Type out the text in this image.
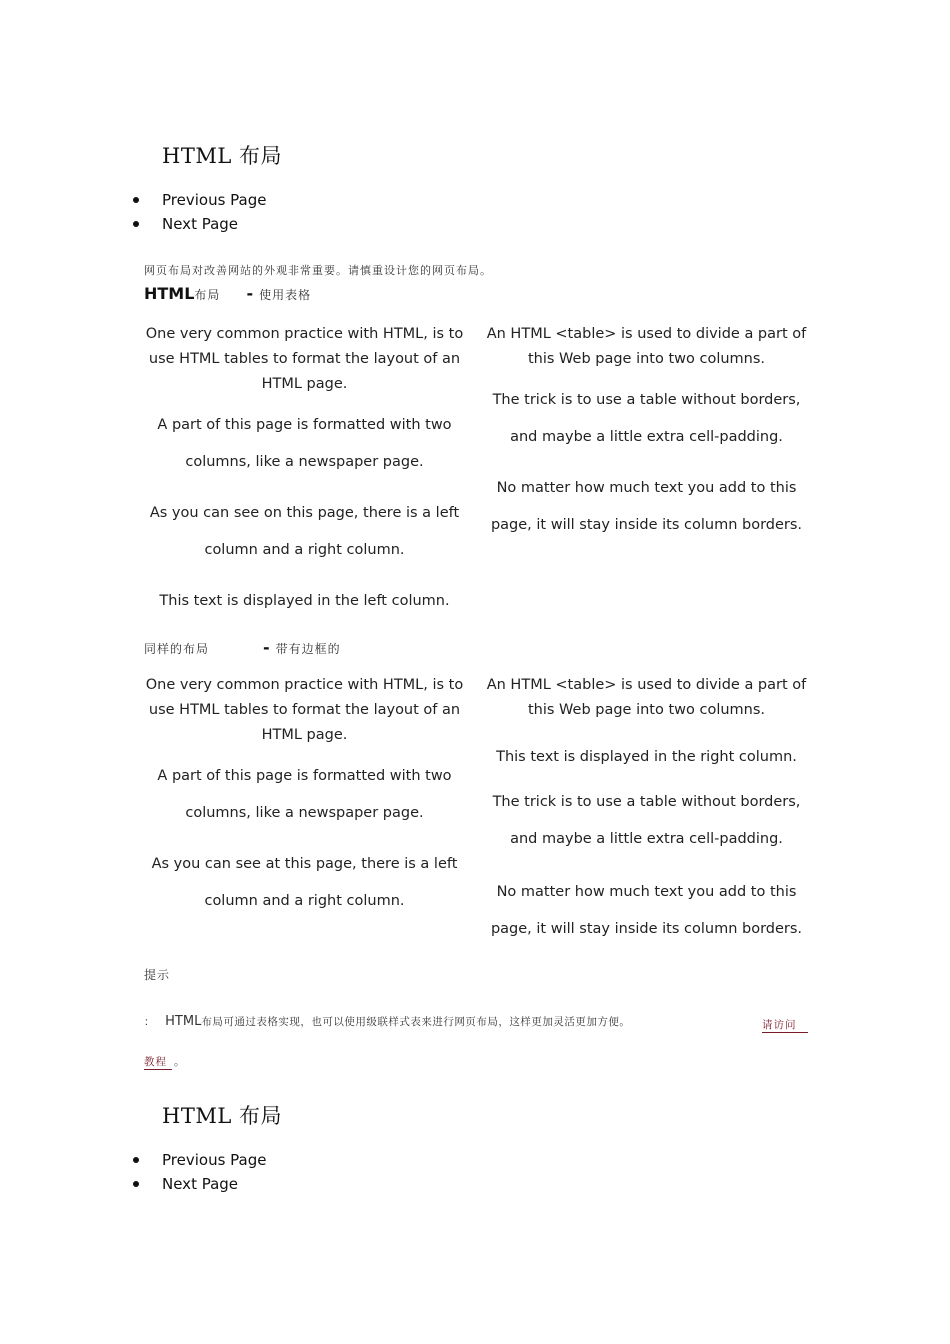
HTML 布局
Previous Page
Next Page
网页布局对改善网站的外观非常重要。请慎重设计您的网页布局。
HTML布局 - 使用表格

One very common practice with HTML, is to use HTML tables to format the layout of an HTML page.

A part of this page is formatted with two columns, like a newspaper page.

As you can see on this page, there is a left column and a right column.

This text is displayed in the left column.

An HTML <table> is used to divide a part of this Web page into two columns.

The trick is to use a table without borders, and maybe a little extra cell-padding.

No matter how much text you add to this page, it will stay inside its column borders.

同样的布局	- 带有边框的

One very common practice with HTML, is to use HTML tables to format the layout of an HTML page.

A part of this page is formatted with two columns, like a newspaper page.

As you can see at this page, there is a left column and a right column.

An HTML <table> is used to divide a part of this Web page into two columns.

This text is displayed in the right column.

The trick is to use a table without borders, and maybe a little extra cell-padding.

No matter how much text you add to this page, it will stay inside its column borders.

提示
： HTML布局可通过表格实现，也可以使用级联样式表来进行网页布局，这样更加灵活更加方便。	请访问
教程 。
HTML 布局
Previous Page
Next Page
